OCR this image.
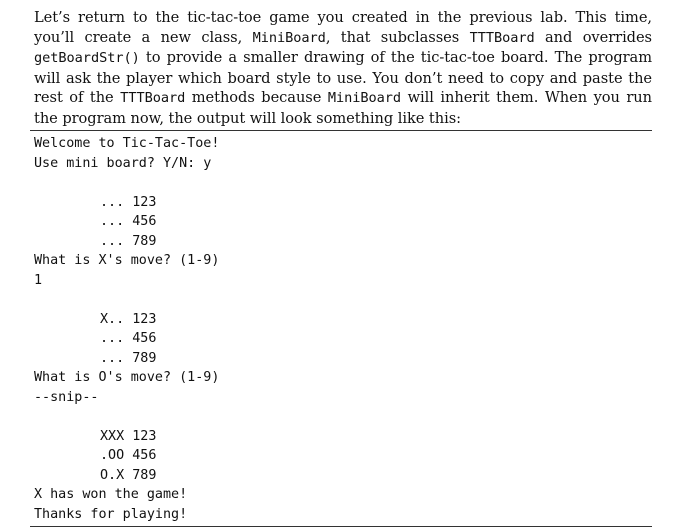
Let’s return to the tic-tac-toe game you created in the previous lab. This time, you’ll create a new class, MiniBoard, that subclasses TTTBoard and overrides getBoardStr() to provide a smaller drawing of the tic-tac-toe board. The program will ask the player which board style to use. You don’t need to copy and paste the rest of the TTTBoard methods because MiniBoard will inherit them. When you run the program now, the output will look something like this:

Welcome to Tic-Tac-Toe!
Use mini board? Y/N: y
... 123
... 456
... 789
What is X's move? (1-9)
1
X.. 123
... 456
... 789
What is O's move? (1-9)
--snip--
XXX 123
.OO 456
O.X 789
X has won the game!
Thanks for playing!
